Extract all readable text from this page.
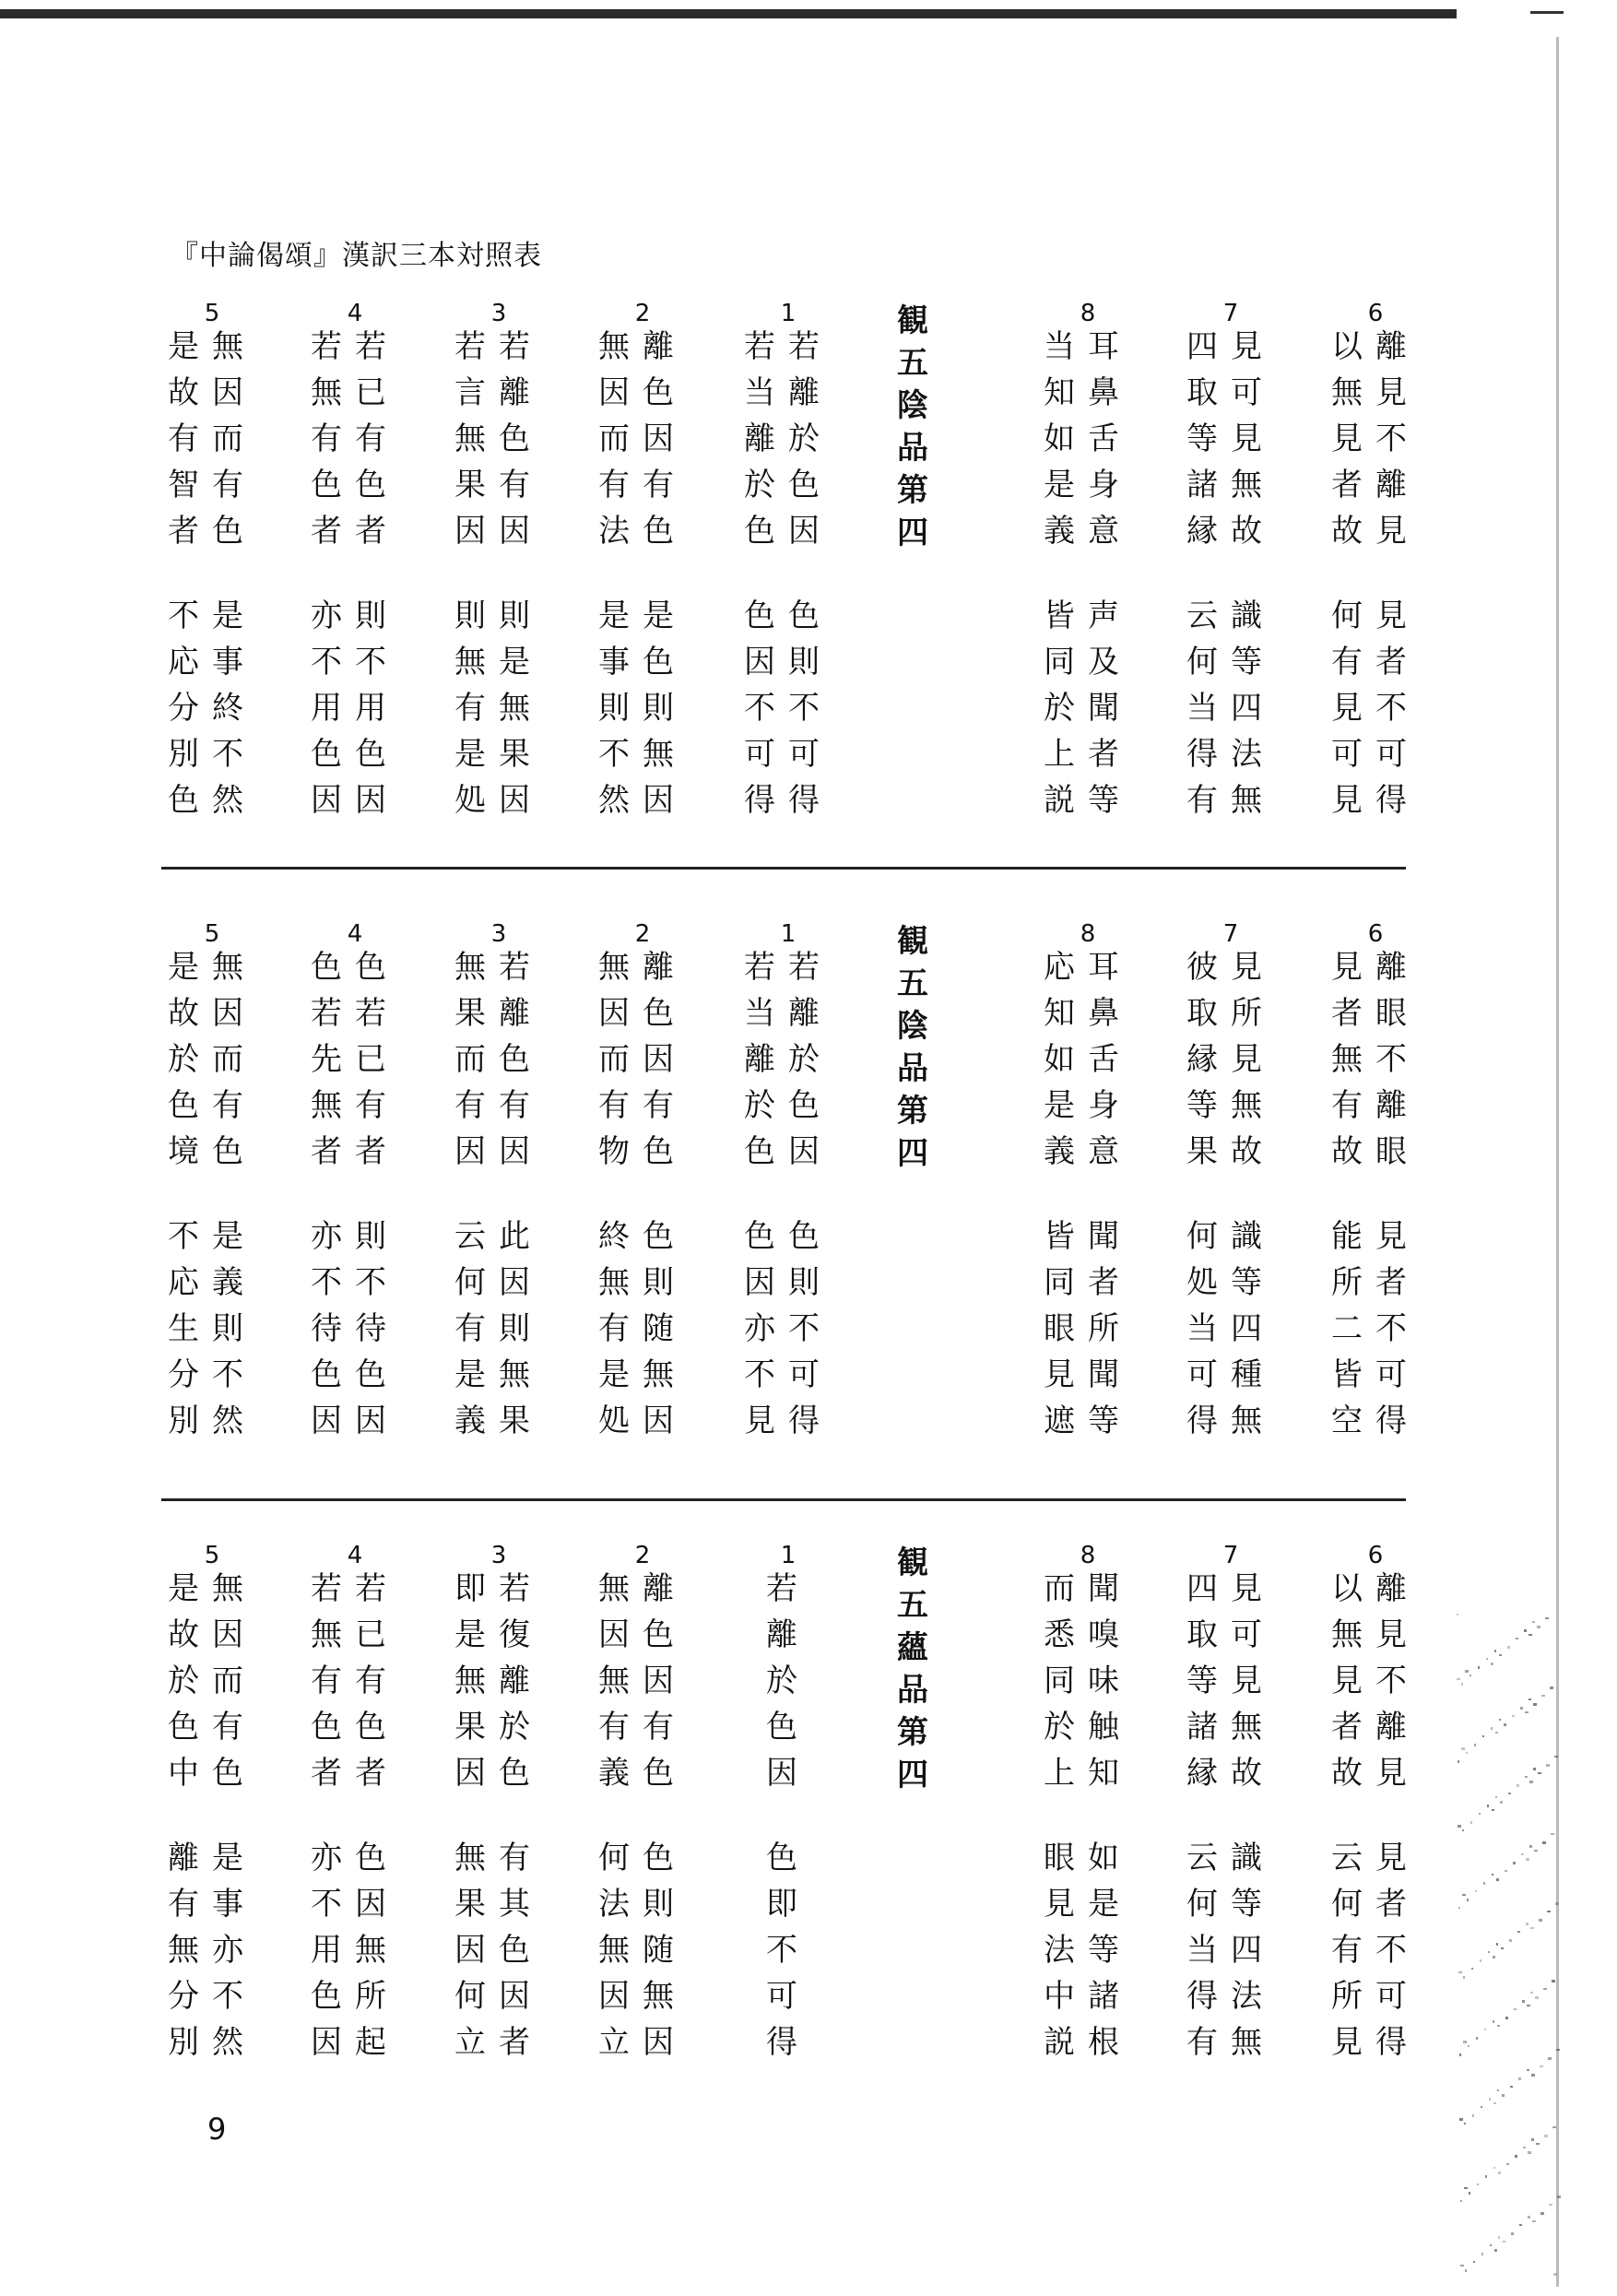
『中論偈頌』漢訳三本対照表
5
是無
故因
有而
智有
者色
不是
応事
分終
別不
色然
4
若若
無已
有有
色色
者者
亦則
不不
用用
色色
因因
3
若若
言離
無色
果有
因因
則則
無是
有無
是果
処因
2
無離
因色
而因
有有
法色
是是
事色
則則
不無
然因
1
若若
当離
離於
於色
色因
色色
因則
不不
可可
得得
8
当耳
知鼻
如舌
是身
義意
皆声
同及
於聞
上者
説等
7
四見
取可
等見
諸無
縁故
云識
何等
当四
得法
有無
6
以離
無見
見不
者離
故見
何見
有者
見不
可可
見得
観
五
陰
品
第
四
5
是無
故因
於而
色有
境色
不是
応義
生則
分不
別然
4
色色
若若
先已
無有
者者
亦則
不不
待待
色色
因因
3
無若
果離
而色
有有
因因
云此
何因
有則
是無
義果
2
無離
因色
而因
有有
物色
終色
無則
有随
是無
処因
1
若若
当離
離於
於色
色因
色色
因則
亦不
不可
見得
8
応耳
知鼻
如舌
是身
義意
皆聞
同者
眼所
見聞
遮等
7
彼見
取所
縁見
等無
果故
何識
処等
当四
可種
得無
6
見離
者眼
無不
有離
故眼
能見
所者
二不
皆可
空得
観
五
陰
品
第
四
5
是無
故因
於而
色有
中色
離是
有事
無亦
分不
別然
4
若若
無已
有有
色色
者者
亦色
不因
用無
色所
因起
3
即若
是復
無離
果於
因色
無有
果其
因色
何因
立者
2
無離
因色
無因
有有
義色
何色
法則
無随
因無
立因
1
若
離
於
色
因
色
即
不
可
得
8
而聞
悉嗅
同味
於触
上知
眼如
見是
法等
中諸
説根
7
四見
取可
等見
諸無
縁故
云識
何等
当四
得法
有無
6
以離
無見
見不
者離
故見
云見
何者
有不
所可
見得
観
五
蘊
品
第
四
9
